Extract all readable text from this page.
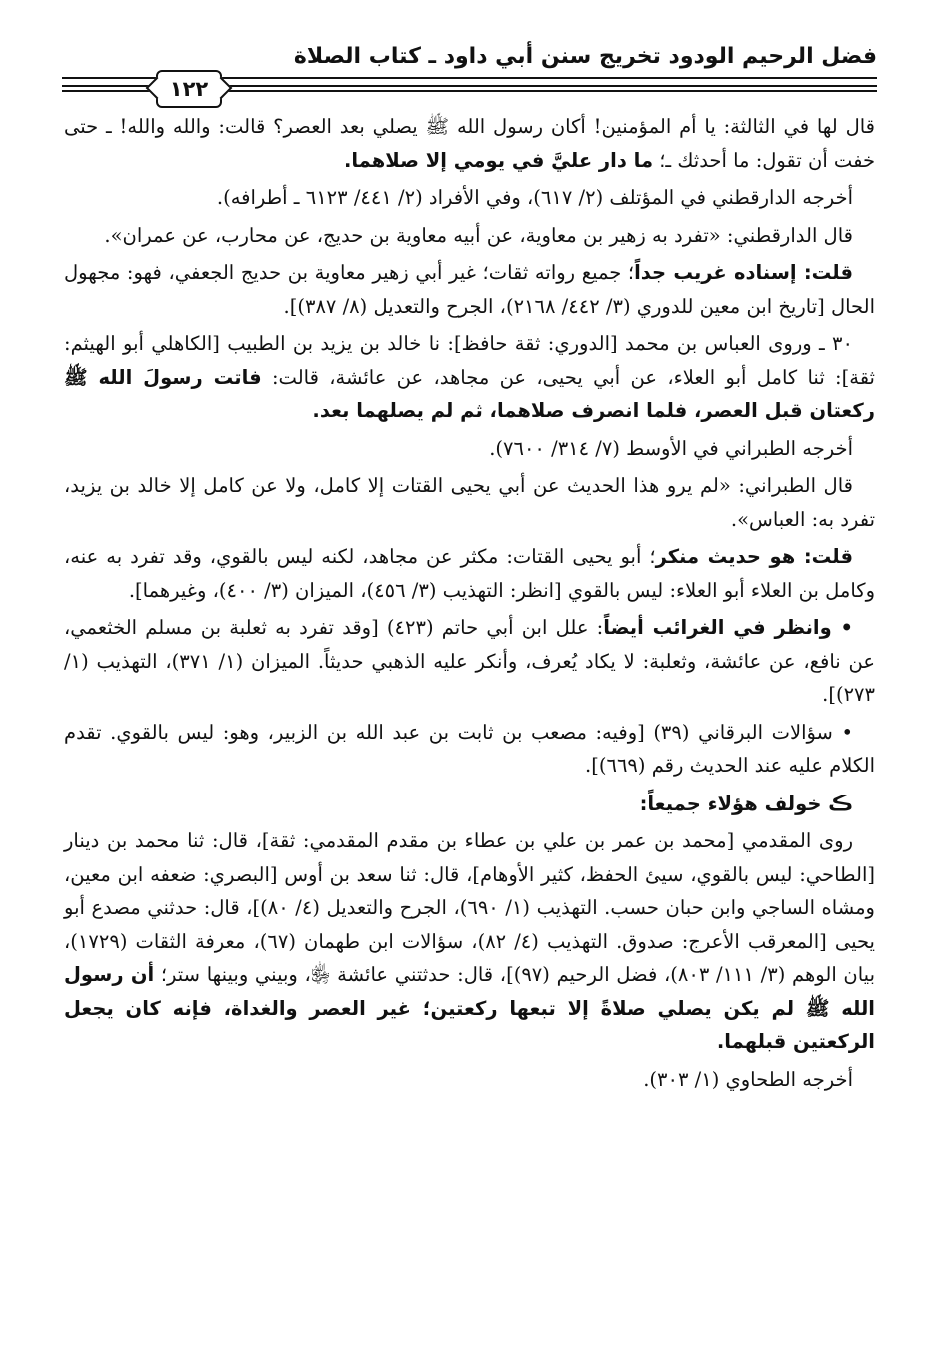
فضل الرحيم الودود تخريج سنن أبي داود ـ كتاب الصلاة
١٢٢

قال لها في الثالثة: يا أم المؤمنين! أكان رسول الله ﷺ يصلي بعد العصر؟ قالت: والله والله! ـ حتى خفت أن تقول: ما أحدثك ـ؛ ما دار عليَّ في يومي إلا صلاهما.

أخرجه الدارقطني في المؤتلف (٢/ ٦١٧)، وفي الأفراد (٢/ ٤٤١/ ٦١٢٣ ـ أطرافه).

قال الدارقطني: «تفرد به زهير بن معاوية، عن أبيه معاوية بن حديج، عن محارب، عن عمران».

قلت: إسناده غريب جداً؛ جميع رواته ثقات؛ غير أبي زهير معاوية بن حديج الجعفي، فهو: مجهول الحال [تاريخ ابن معين للدوري (٣/ ٤٤٢/ ٢١٦٨)، الجرح والتعديل (٨/ ٣٨٧)].

٣٠ ـ وروى العباس بن محمد [الدوري: ثقة حافظ]: نا خالد بن يزيد بن الطبيب [الكاهلي أبو الهيثم: ثقة]: ثنا كامل أبو العلاء، عن أبي يحيى، عن مجاهد، عن عائشة، قالت: فاتت رسولَ الله ﷺ ركعتان قبل العصر، فلما انصرف صلاهما، ثم لم يصلهما بعد.

أخرجه الطبراني في الأوسط (٧/ ٣١٤/ ٧٦٠٠).

قال الطبراني: «لم يرو هذا الحديث عن أبي يحيى القتات إلا كامل، ولا عن كامل إلا خالد بن يزيد، تفرد به: العباس».

قلت: هو حديث منكر؛ أبو يحيى القتات: مكثر عن مجاهد، لكنه ليس بالقوي، وقد تفرد به عنه، وكامل بن العلاء أبو العلاء: ليس بالقوي [انظر: التهذيب (٣/ ٤٥٦)، الميزان (٣/ ٤٠٠)، وغيرهما].

• وانظر في الغرائب أيضاً: علل ابن أبي حاتم (٤٢٣) [وقد تفرد به ثعلبة بن مسلم الخثعمي، عن نافع، عن عائشة، وثعلبة: لا يكاد يُعرف، وأنكر عليه الذهبي حديثاً. الميزان (١/ ٣٧١)، التهذيب (١/ ٢٧٣)].

• سؤالات البرقاني (٣٩) [وفيه: مصعب بن ثابت بن عبد الله بن الزبير، وهو: ليس بالقوي. تقدم الكلام عليه عند الحديث رقم (٦٦٩)].

ڪ خولف هؤلاء جميعاً:

روى المقدمي [محمد بن عمر بن علي بن عطاء بن مقدم المقدمي: ثقة]، قال: ثنا محمد بن دينار [الطاحي: ليس بالقوي، سيئ الحفظ، كثير الأوهام]، قال: ثنا سعد بن أوس [البصري: ضعفه ابن معين، ومشاه الساجي وابن حبان حسب. التهذيب (١/ ٦٩٠)، الجرح والتعديل (٤/ ٨٠)]، قال: حدثني مصدع أبو يحيى [المعرقب الأعرج: صدوق. التهذيب (٤/ ٨٢)، سؤالات ابن طهمان (٦٧)، معرفة الثقات (١٧٢٩)، بيان الوهم (٣/ ١١١/ ٨٠٣)، فضل الرحيم (٩٧)]، قال: حدثتني عائشة ﵂، وبيني وبينها ستر؛ أن رسول الله ﷺ لم يكن يصلي صلاةً إلا تبعها ركعتين؛ غير العصر والغداة، فإنه كان يجعل الركعتين قبلهما.

أخرجه الطحاوي (١/ ٣٠٣).
